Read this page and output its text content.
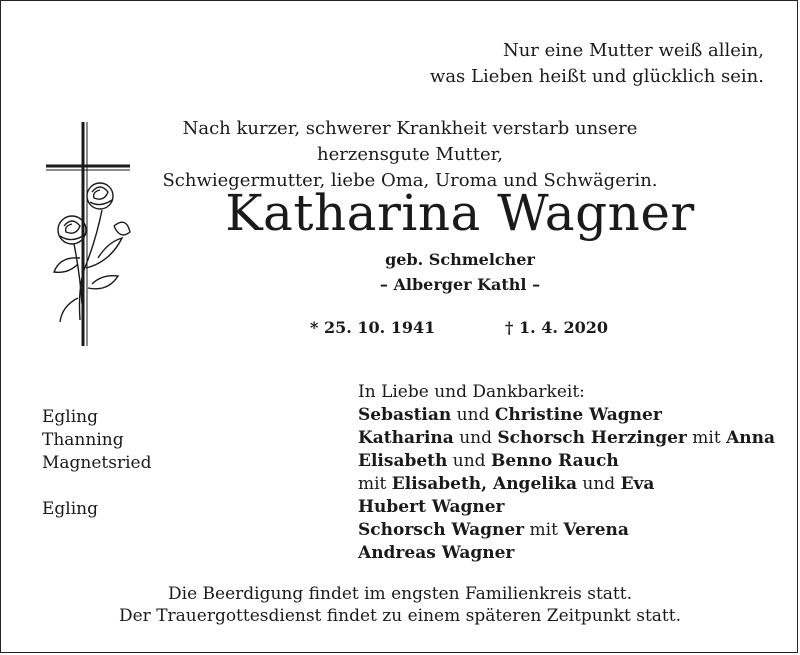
Nur eine Mutter weiß allein,
was Lieben heißt und glücklich sein.
Nach kurzer, schwerer Krankheit verstarb unsere herzensgute Mutter,
Schwiegermutter, liebe Oma, Uroma und Schwägerin.
Katharina Wagner
geb. Schmelcher
– Alberger Kathl –
* 25. 10. 1941	† 1. 4. 2020
Egling
Thanning
Magnetsried
Egling
In Liebe und Dankbarkeit:
Sebastian und Christine Wagner
Katharina und Schorsch Herzinger mit Anna
Elisabeth und Benno Rauch
mit Elisabeth, Angelika und Eva
Hubert Wagner
Schorsch Wagner mit Verena
Andreas Wagner
Die Beerdigung findet im engsten Familienkreis statt.
Der Trauergottesdienst findet zu einem späteren Zeitpunkt statt.
